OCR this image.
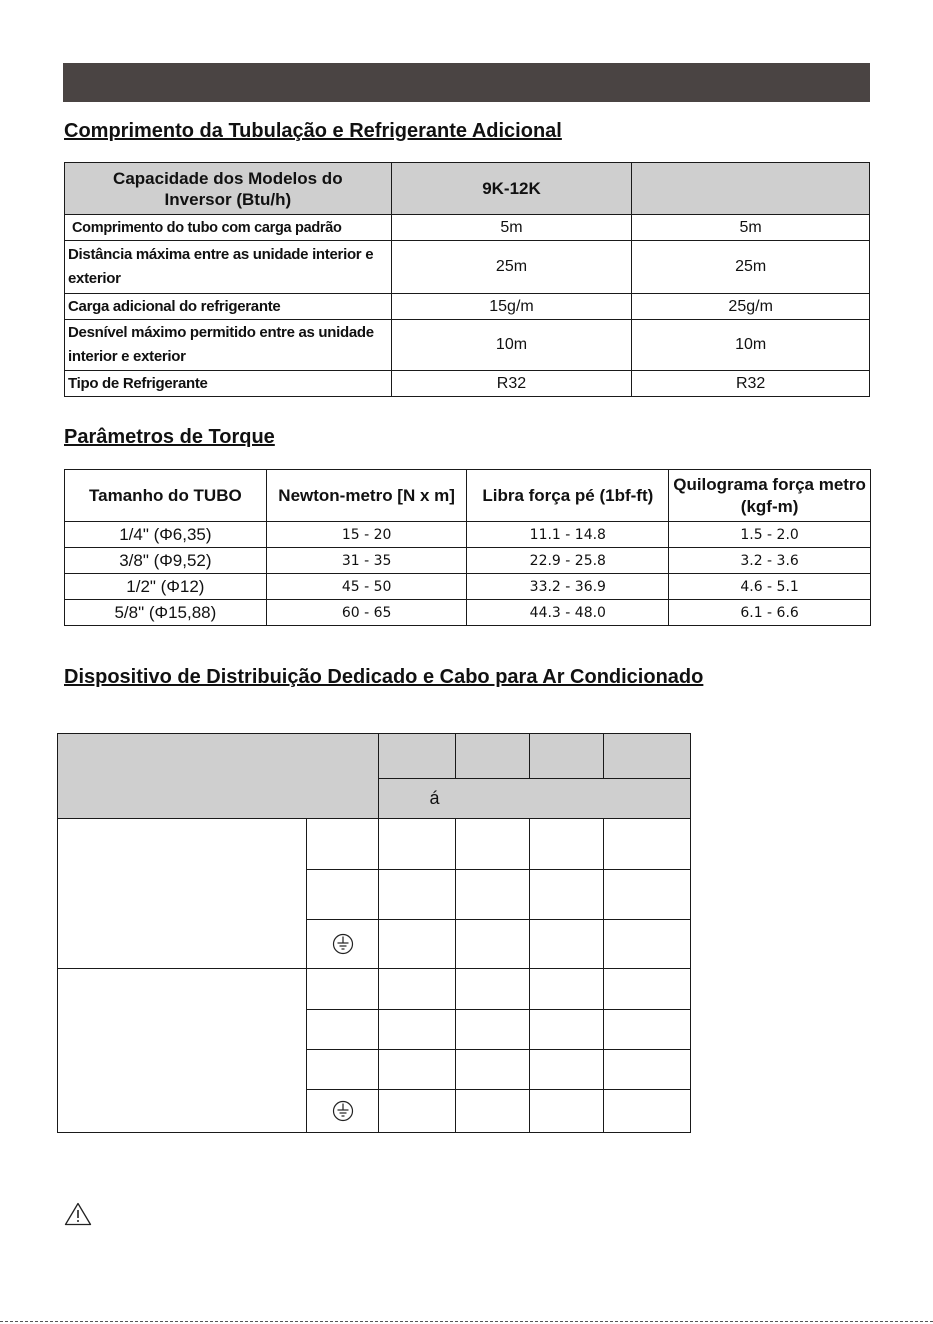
Comprimento da Tubulação e Refrigerante Adicional
Capacidade dos Modelos do Inversor (Btu/h)	9K-12K	
Comprimento do tubo com carga padrão	5m	5m
Distância máxima entre as unidade interior e exterior	25m	25m
Carga adicional do refrigerante	15g/m	25g/m
Desnível máximo permitido entre as unidade interior e exterior	10m	10m
Tipo de Refrigerante	R32	R32
Parâmetros de Torque
Tamanho do TUBO	Newton-metro [N x m]	Libra força pé (1bf-ft)	Quilograma força metro (kgf-m)
1/4" (Φ6,35)	15 - 20	11.1 - 14.8	1.5 - 2.0
3/8" (Φ9,52)	31 - 35	22.9 - 25.8	3.2 - 3.6
1/2" (Φ12)	45 - 50	33.2 - 36.9	4.6 - 5.1
5/8" (Φ15,88)	60 - 65	44.3 - 48.0	6.1 - 6.6
Dispositivo de Distribuição Dedicado e Cabo para Ar Condicionado

		á			
